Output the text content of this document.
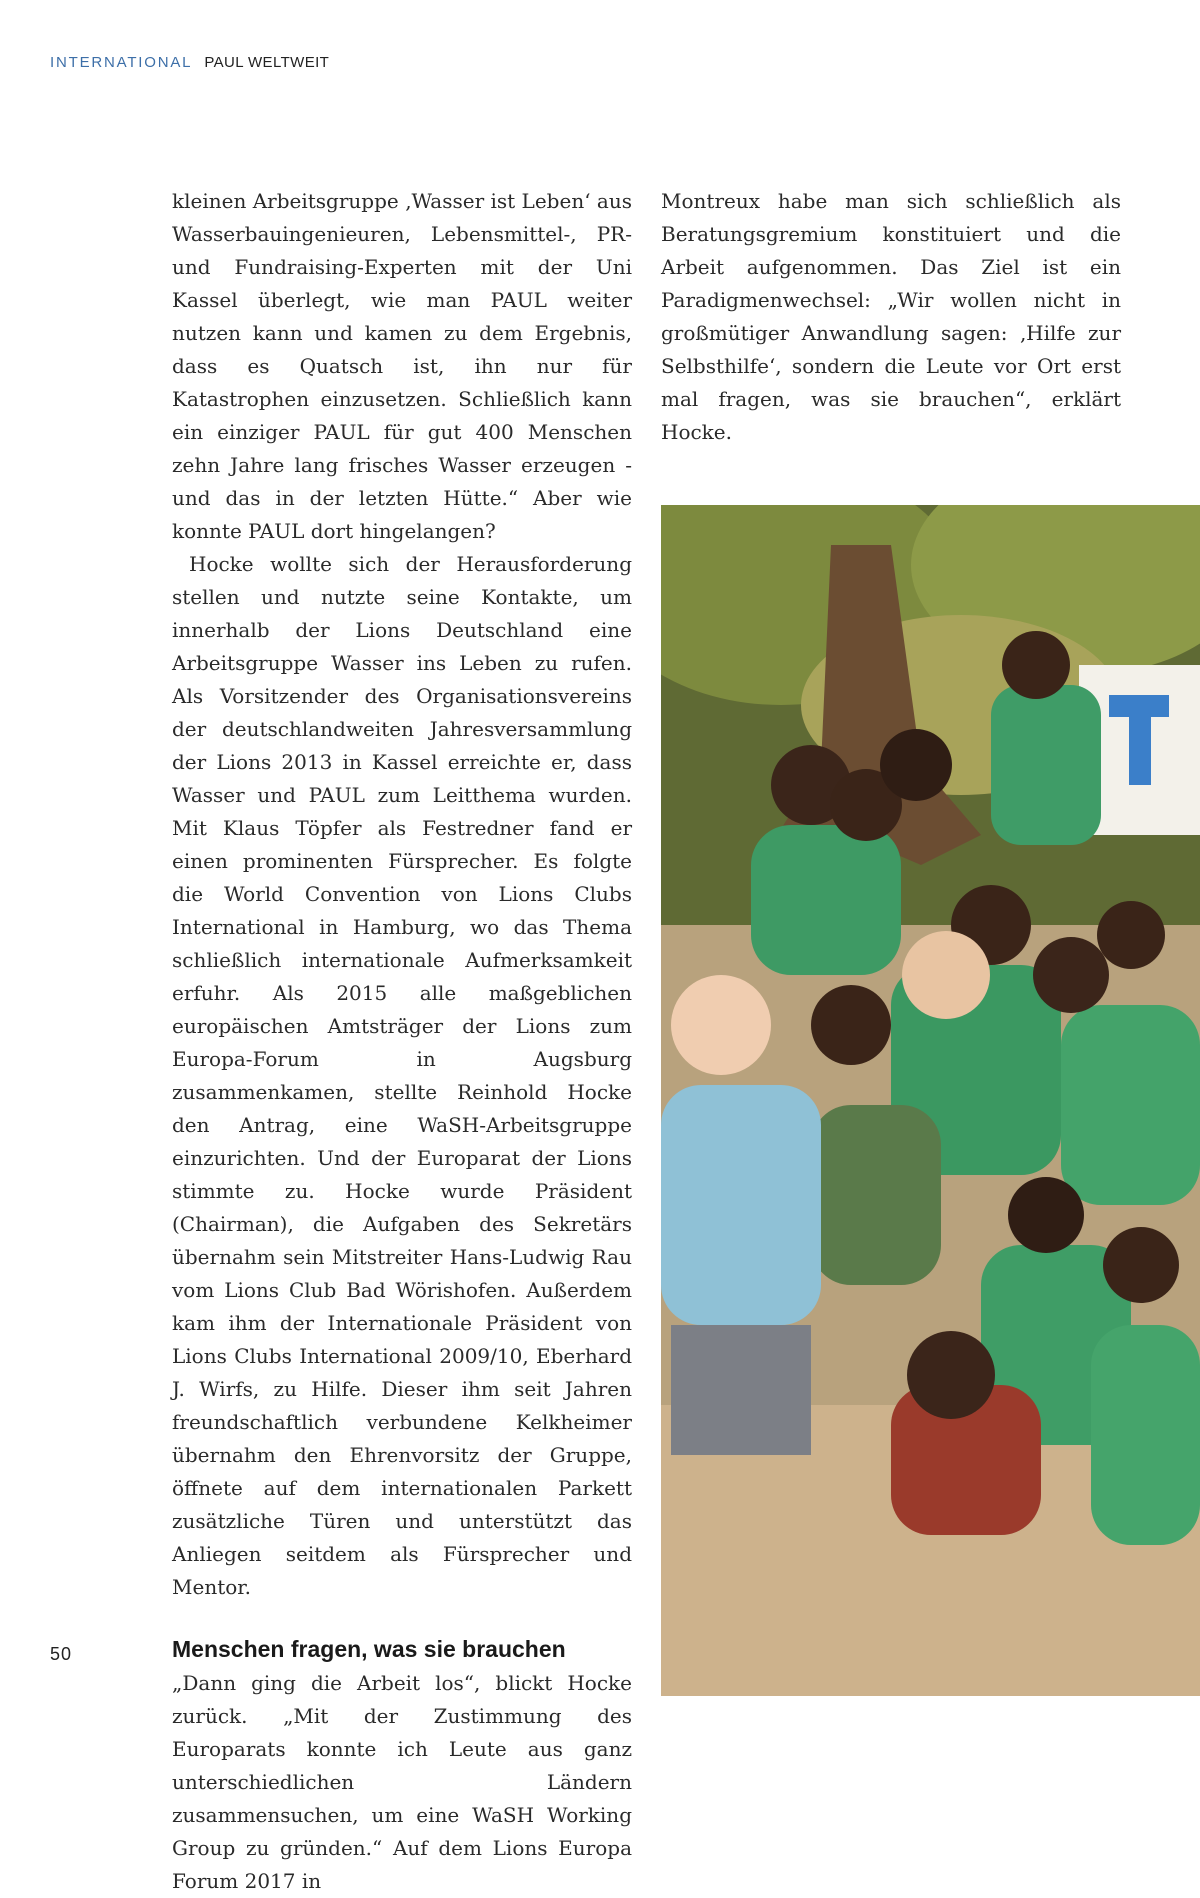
INTERNATIONAL PAUL WELTWEIT

kleinen Arbeitsgruppe ‚Wasser ist Leben‘ aus Wasserbauingenieuren, Lebensmittel-, PR- und Fundraising-Experten mit der Uni Kassel überlegt, wie man PAUL weiter nutzen kann und kamen zu dem Ergebnis, dass es Quatsch ist, ihn nur für Katastrophen einzusetzen. Schließlich kann ein einziger PAUL für gut 400 Menschen zehn Jahre lang frisches Wasser erzeugen - und das in der letzten Hütte.“ Aber wie konnte PAUL dort hingelangen?

Hocke wollte sich der Herausforderung stellen und nutzte seine Kontakte, um innerhalb der Lions Deutschland eine Arbeitsgruppe Wasser ins Leben zu rufen. Als Vorsitzender des Organisationsvereins der deutschlandweiten Jahresversammlung der Lions 2013 in Kassel erreichte er, dass Wasser und PAUL zum Leitthema wurden. Mit Klaus Töpfer als Festredner fand er einen prominenten Fürsprecher. Es folgte die World Convention von Lions Clubs International in Hamburg, wo das Thema schließlich internationale Aufmerksamkeit erfuhr. Als 2015 alle maßgeblichen europäischen Amtsträger der Lions zum Europa-Forum in Augsburg zusammenkamen, stellte Reinhold Hocke den Antrag, eine WaSH-Arbeitsgruppe einzurichten. Und der Europarat der Lions stimmte zu. Hocke wurde Präsident (Chairman), die Aufgaben des Sekretärs übernahm sein Mitstreiter Hans-Ludwig Rau vom Lions Club Bad Wörishofen. Außerdem kam ihm der Internationale Präsident von Lions Clubs International 2009/10, Eberhard J. Wirfs, zu Hilfe. Dieser ihm seit Jahren freundschaftlich verbundene Kelkheimer übernahm den Ehrenvorsitz der Gruppe, öffnete auf dem internationalen Parkett zusätzliche Türen und unterstützt das Anliegen seitdem als Fürsprecher und Mentor.

Menschen fragen, was sie brauchen

„Dann ging die Arbeit los“, blickt Hocke zurück. „Mit der Zustimmung des Europarats konnte ich Leute aus ganz unterschiedlichen Ländern zusammensuchen, um eine WaSH Working Group zu gründen.“ Auf dem Lions Europa Forum 2017 in

Montreux habe man sich schließlich als Beratungsgremium konstituiert und die Arbeit aufgenommen. Das Ziel ist ein Paradigmenwechsel: „Wir wollen nicht in großmütiger Anwandlung sagen: ‚Hilfe zur Selbsthilfe‘, sondern die Leute vor Ort erst mal fragen, was sie brauchen“, erklärt Hocke.

50
